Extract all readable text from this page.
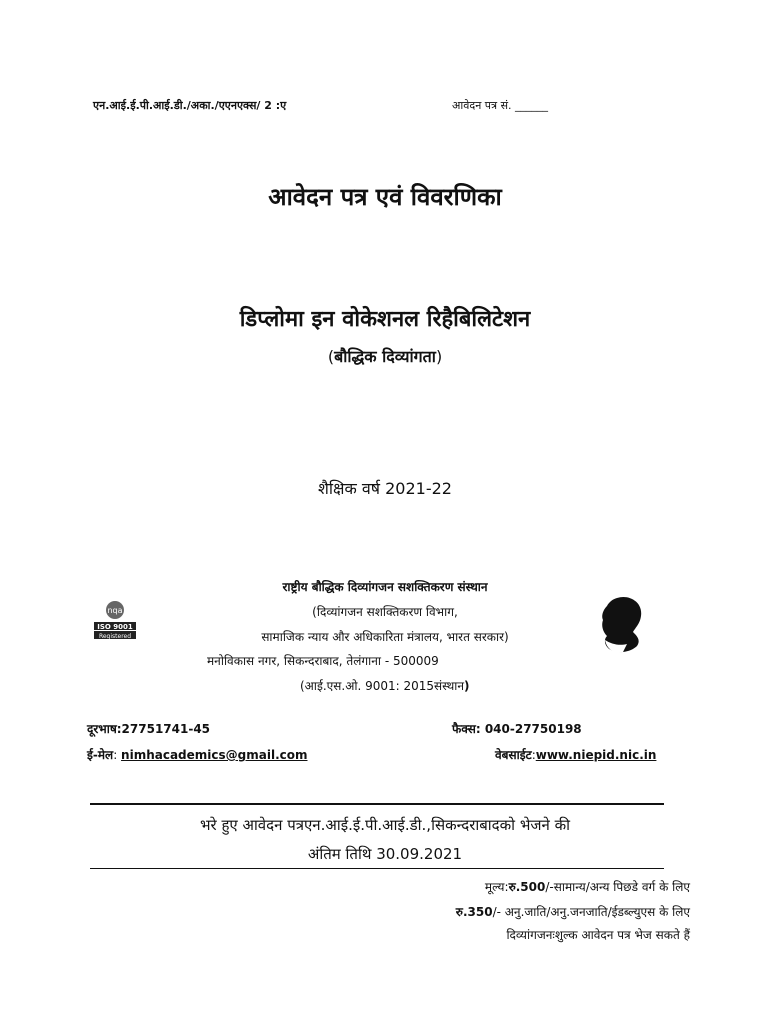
एन.आई.ई.पी.आई.डी./अका./एएनएक्स/ 2 :ए	आवेदन पत्र सं. ______
आवेदन पत्र एवं विवरणिका
डिप्लोमा इन वोकेशनल रिहैबिलिटेशन
(बौद्धिक दिव्यांगता)
शैक्षिक वर्ष 2021-22
nqa
ISO 9001
Registered
राष्ट्रीय बौद्धिक दिव्यांगजन सशक्तिकरण संस्थान
(दिव्यांगजन सशक्तिकरण विभाग,
सामाजिक न्याय और अधिकारिता मंत्रालय, भारत सरकार)
मनोविकास नगर, सिकन्दराबाद, तेलंगाना - 500009
(आई.एस.ओ. 9001: 2015संस्थान)
दूरभाष:27751741-45	फैक्स: 040-27750198
ई-मेल: nimhacademics@gmail.com	वेबसाईट:www.niepid.nic.in
भरे हुए आवेदन पत्रएन.आई.ई.पी.आई.डी.,सिकन्दराबादको भेजने की
अंतिम तिथि 30.09.2021
मूल्य:रु.500/-सामान्य/अन्य पिछडे वर्ग के लिए
रु.350/- अनु.जाति/अनु.जनजाति/ईडब्ल्युएस के लिए
दिव्यांगजनःशुल्क आवेदन पत्र भेज सकते हैं
